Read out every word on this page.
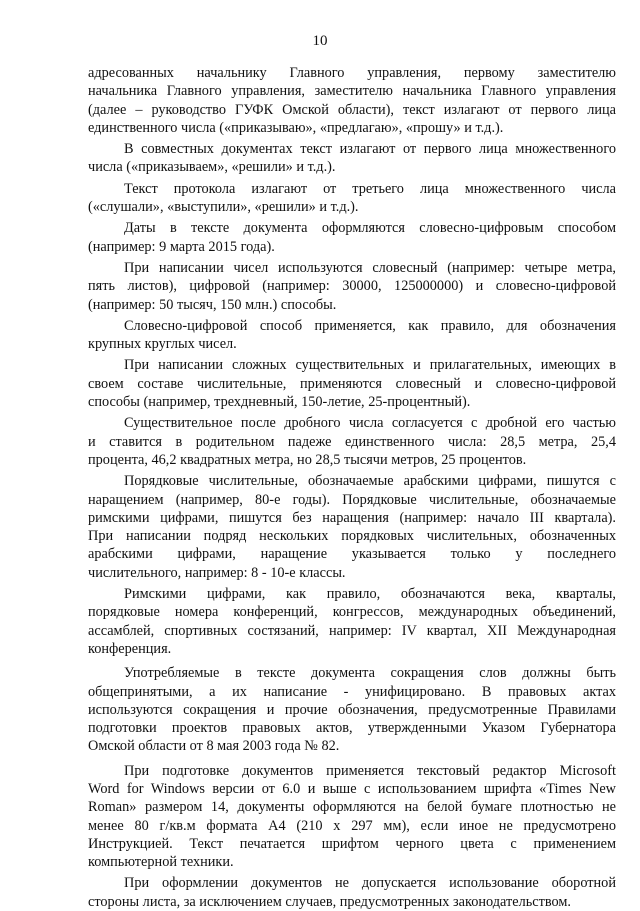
10

адресованных начальнику Главного управления, первому заместителю
начальника Главного управления, заместителю начальника Главного управления
(далее – руководство ГУФК Омской области), текст излагают от первого лица
единственного числа («приказываю», «предлагаю», «прошу» и т.д.).

В совместных документах текст излагают от первого лица множественного
числа («приказываем», «решили» и т.д.).

Текст протокола излагают от третьего лица множественного числа
(«слушали», «выступили», «решили» и т.д.).

Даты в тексте документа оформляются словесно-цифровым способом
(например: 9 марта 2015 года).

При написании чисел используются словесный (например: четыре метра,
пять листов), цифровой (например: 30000, 125000000) и словесно-цифровой
(например: 50 тысяч, 150 млн.) способы.

Словесно-цифровой способ применяется, как правило, для обозначения
крупных круглых чисел.

При написании сложных существительных и прилагательных, имеющих в
своем составе числительные, применяются словесный и словесно-цифровой
способы (например, трехдневный, 150-летие, 25-процентный).

Существительное после дробного числа согласуется с дробной его частью
и ставится в родительном падеже единственного числа: 28,5 метра, 25,4
процента, 46,2 квадратных метра, но 28,5 тысячи метров, 25 процентов.

Порядковые числительные, обозначаемые арабскими цифрами, пишутся с
наращением (например, 80-е годы). Порядковые числительные, обозначаемые
римскими цифрами, пишутся без наращения (например: начало III квартала).
При написании подряд нескольких порядковых числительных, обозначенных
арабскими цифрами, наращение указывается только у последнего
числительного, например: 8 - 10-е классы.

Римскими цифрами, как правило, обозначаются века, кварталы,
порядковые номера конференций, конгрессов, международных объединений,
ассамблей, спортивных состязаний, например: IV квартал, XII Международная
конференция.

Употребляемые в тексте документа сокращения слов должны быть
общепринятыми, а их написание - унифицировано. В правовых актах
используются сокращения и прочие обозначения, предусмотренные Правилами
подготовки проектов правовых актов, утвержденными Указом Губернатора
Омской области от 8 мая 2003 года № 82.

При подготовке документов применяется текстовый редактор Microsoft
Word for Windows версии от 6.0 и выше с использованием шрифта «Times New
Roman» размером 14, документы оформляются на белой бумаге плотностью не
менее 80 г/кв.м формата А4 (210 х 297 мм), если иное не предусмотрено
Инструкцией. Текст печатается шрифтом черного цвета с применением
компьютерной техники.

При оформлении документов не допускается использование оборотной
стороны листа, за исключением случаев, предусмотренных законодательством.
